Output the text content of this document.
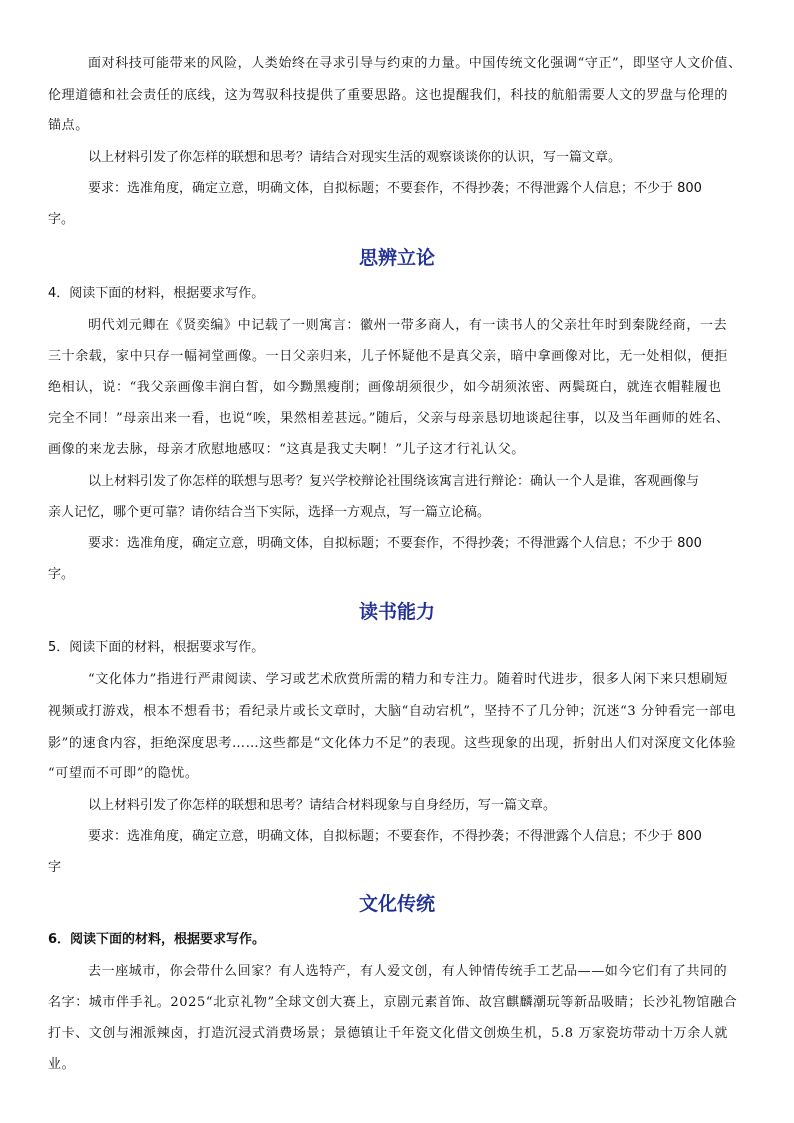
面对科技可能带来的风险，人类始终在寻求引导与约束的力量。中国传统文化强调“守正”，即坚守人文价值、
伦理道德和社会责任的底线，这为驾驭科技提供了重要思路。这也提醒我们，科技的航船需要人文的罗盘与伦理的
锚点。
以上材料引发了你怎样的联想和思考？请结合对现实生活的观察谈谈你的认识，写一篇文章。
要求：选准角度，确定立意，明确文体，自拟标题；不要套作，不得抄袭；不得泄露个人信息；不少于 800
字。
思辨立论
4．阅读下面的材料，根据要求写作。
明代刘元卿在《贤奕编》中记载了一则寓言：徽州一带多商人，有一读书人的父亲壮年时到秦陇经商，一去
三十余载，家中只存一幅祠堂画像。一日父亲归来，儿子怀疑他不是真父亲，暗中拿画像对比，无一处相似，便拒
绝相认，说：“我父亲画像丰润白皙，如今黝黑瘦削；画像胡须很少，如今胡须浓密、两鬓斑白，就连衣帽鞋履也
完全不同！”母亲出来一看，也说“唉，果然相差甚远。”随后，父亲与母亲恳切地谈起往事，以及当年画师的姓名、
画像的来龙去脉，母亲才欣慰地感叹：“这真是我丈夫啊！”儿子这才行礼认父。
以上材料引发了你怎样的联想与思考？复兴学校辩论社围绕该寓言进行辩论：确认一个人是谁，客观画像与
亲人记忆，哪个更可靠？请你结合当下实际，选择一方观点，写一篇立论稿。
要求：选准角度，确定立意，明确文体，自拟标题；不要套作，不得抄袭；不得泄露个人信息；不少于 800
字。
读书能力
5．阅读下面的材料，根据要求写作。
“文化体力”指进行严肃阅读、学习或艺术欣赏所需的精力和专注力。随着时代进步，很多人闲下来只想刷短
视频或打游戏，根本不想看书；看纪录片或长文章时，大脑“自动宕机”，坚持不了几分钟；沉迷“3 分钟看完一部电
影”的速食内容，拒绝深度思考……这些都是“文化体力不足”的表现。这些现象的出现，折射出人们对深度文化体验
“可望而不可即”的隐忧。
以上材料引发了你怎样的联想和思考？请结合材料现象与自身经历，写一篇文章。
要求：选准角度，确定立意，明确文体，自拟标题；不要套作，不得抄袭；不得泄露个人信息；不少于 800
字
文化传统
6．阅读下面的材料，根据要求写作。
去一座城市，你会带什么回家？有人选特产，有人爱文创，有人钟情传统手工艺品——如今它们有了共同的
名字：城市伴手礼。2025“北京礼物”全球文创大赛上，京剧元素首饰、故宫麒麟潮玩等新品吸睛；长沙礼物馆融合
打卡、文创与湘派辣卤，打造沉浸式消费场景；景德镇让千年瓷文化借文创焕生机，5.8 万家瓷坊带动十万余人就
业。
